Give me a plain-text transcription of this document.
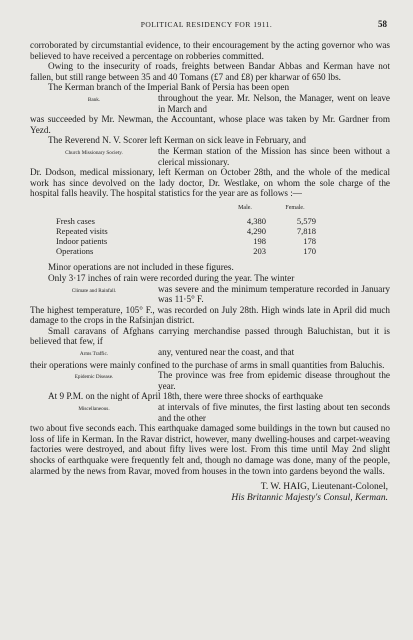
POLITICAL RESIDENCY FOR 1911.	58

corroborated by circumstantial evidence, to their encouragement by the acting governor who was believed to have received a percentage on robberies committed.

Owing to the insecurity of roads, freights between Bandar Abbas and Kerman have not fallen, but still range between 35 and 40 Tomans (£7 and £8) per kharwar of 650 lbs.

The Kerman branch of the Imperial Bank of Persia has been open

Bank.	throughout the year. Mr. Nelson, the Manager, went on leave in March and

was succeeded by Mr. Newman, the Accountant, whose place was taken by Mr. Gardner from Yezd.

The Reverend N. V. Scorer left Kerman on sick leave in February, and

Church Missionary Society.	the Kerman station of the Mission has since been without a clerical missionary.

Dr. Dodson, medical missionary, left Kerman on October 28th, and the whole of the medical work has since devolved on the lady doctor, Dr. Westlake, on whom the sole charge of the hospital falls heavily. The hospital statistics for the year are as follows :—

	Male.	Female.
Fresh cases	4,380	5,579
Repeated visits	4,290	7,818
Indoor patients	198	178
Operations	203	170

Minor operations are not included in these figures.

Only 3·17 inches of rain were recorded during the year. The winter

Climate and Rainfall.	was severe and the minimum temperature recorded in January was 11·5° F.

The highest temperature, 105° F., was recorded on July 28th. High winds late in April did much damage to the crops in the Rafsinjan district.

Small caravans of Afghans carrying merchandise passed through Baluchistan, but it is believed that few, if

Arms Traffic.	any, ventured near the coast, and that

their operations were mainly confined to the purchase of arms in small quantities from Baluchis.

Epidemic Disease.	The province was free from epidemic disease throughout the year.

At 9 P.M. on the night of April 18th, there were three shocks of earthquake

Miscellaneous.	at intervals of five minutes, the first lasting about ten seconds and the other

two about five seconds each. This earthquake damaged some buildings in the town but caused no loss of life in Kerman. In the Ravar district, however, many dwelling-houses and carpet-weaving factories were destroyed, and about fifty lives were lost. From this time until May 2nd slight shocks of earthquake were frequently felt and, though no damage was done, many of the people, alarmed by the news from Ravar, moved from houses in the town into gardens beyond the walls.

T. W. HAIG, Lieutenant-Colonel,
His Britannic Majesty's Consul, Kerman.
